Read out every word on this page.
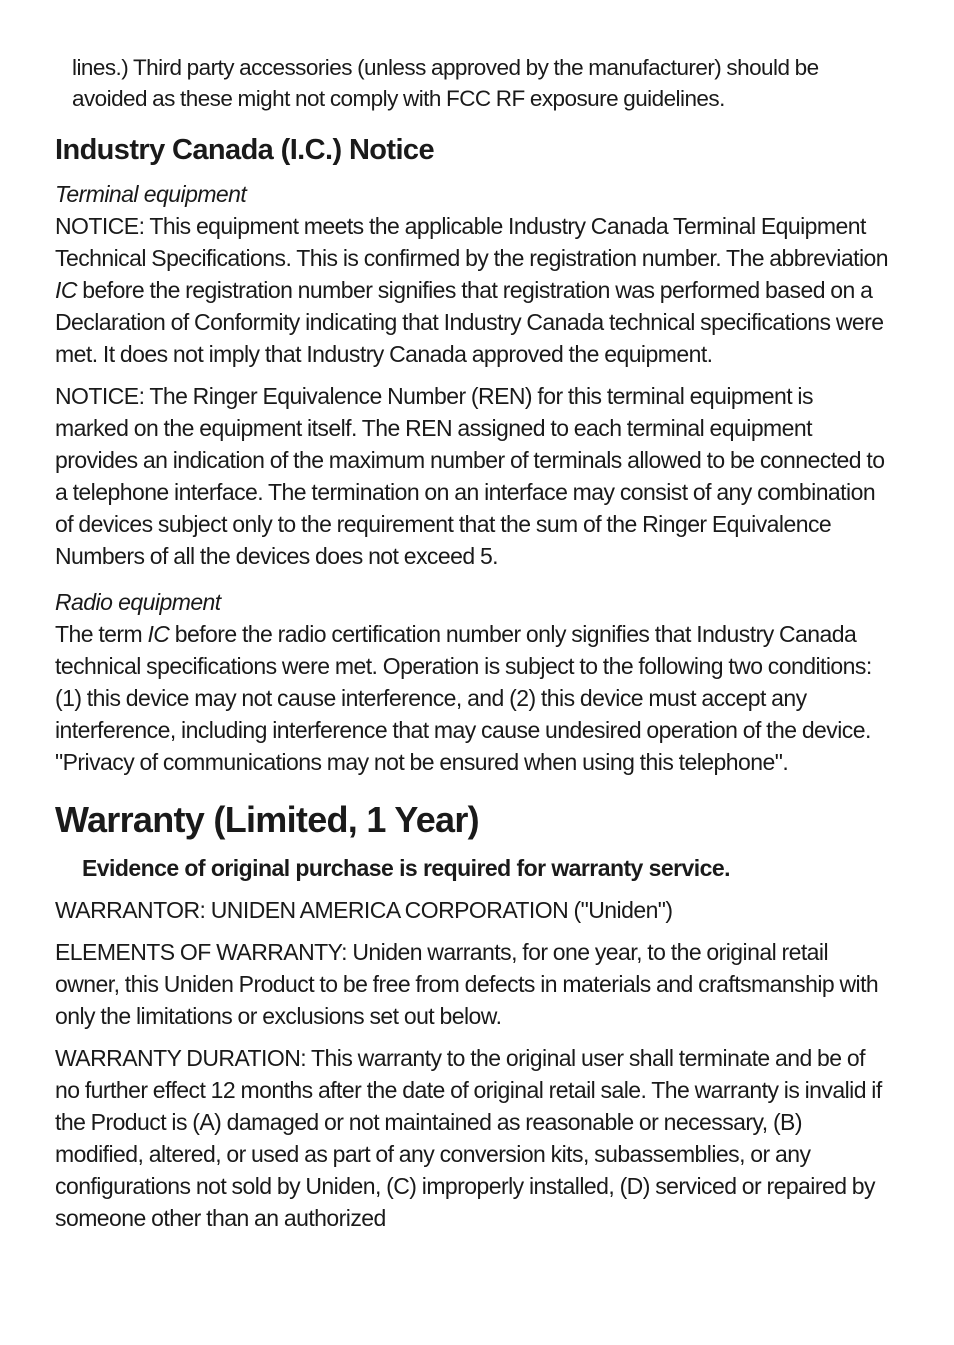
lines.) Third party accessories (unless approved by the manufacturer) should be avoided as these might not comply with FCC RF exposure guidelines.

Industry Canada (I.C.) Notice

Terminal equipment

NOTICE: This equipment meets the applicable Industry Canada Terminal Equipment Technical Specifications. This is confirmed by the registration number. The abbreviation IC before the registration number signifies that registration was performed based on a Declaration of Conformity indicating that Industry Canada technical specifications were met. It does not imply that Industry Canada approved the equipment.

NOTICE: The Ringer Equivalence Number (REN) for this terminal equipment is marked on the equipment itself. The REN assigned to each terminal equipment provides an indication of the maximum number of terminals allowed to be connected to a telephone interface. The termination on an interface may consist of any combination of devices subject only to the requirement that the sum of the Ringer Equivalence Numbers of all the devices does not exceed 5.

Radio equipment

The term IC before the radio certification number only signifies that Industry Canada technical specifications were met. Operation is subject to the following two conditions: (1) this device may not cause interference, and (2) this device must accept any interference, including interference that may cause undesired operation of the device. "Privacy of communications may not be ensured when using this telephone".

Warranty (Limited, 1 Year)

Evidence of original purchase is required for warranty service.

WARRANTOR: UNIDEN AMERICA CORPORATION ("Uniden")

ELEMENTS OF WARRANTY: Uniden warrants, for one year, to the original retail owner, this Uniden Product to be free from defects in materials and craftsmanship with only the limitations or exclusions set out below.

WARRANTY DURATION: This warranty to the original user shall terminate and be of no further effect 12 months after the date of original retail sale. The warranty is invalid if the Product is (A) damaged or not maintained as reasonable or necessary, (B) modified, altered, or used as part of any conversion kits, subassemblies, or any configurations not sold by Uniden, (C) improperly installed, (D) serviced or repaired by someone other than an authorized
